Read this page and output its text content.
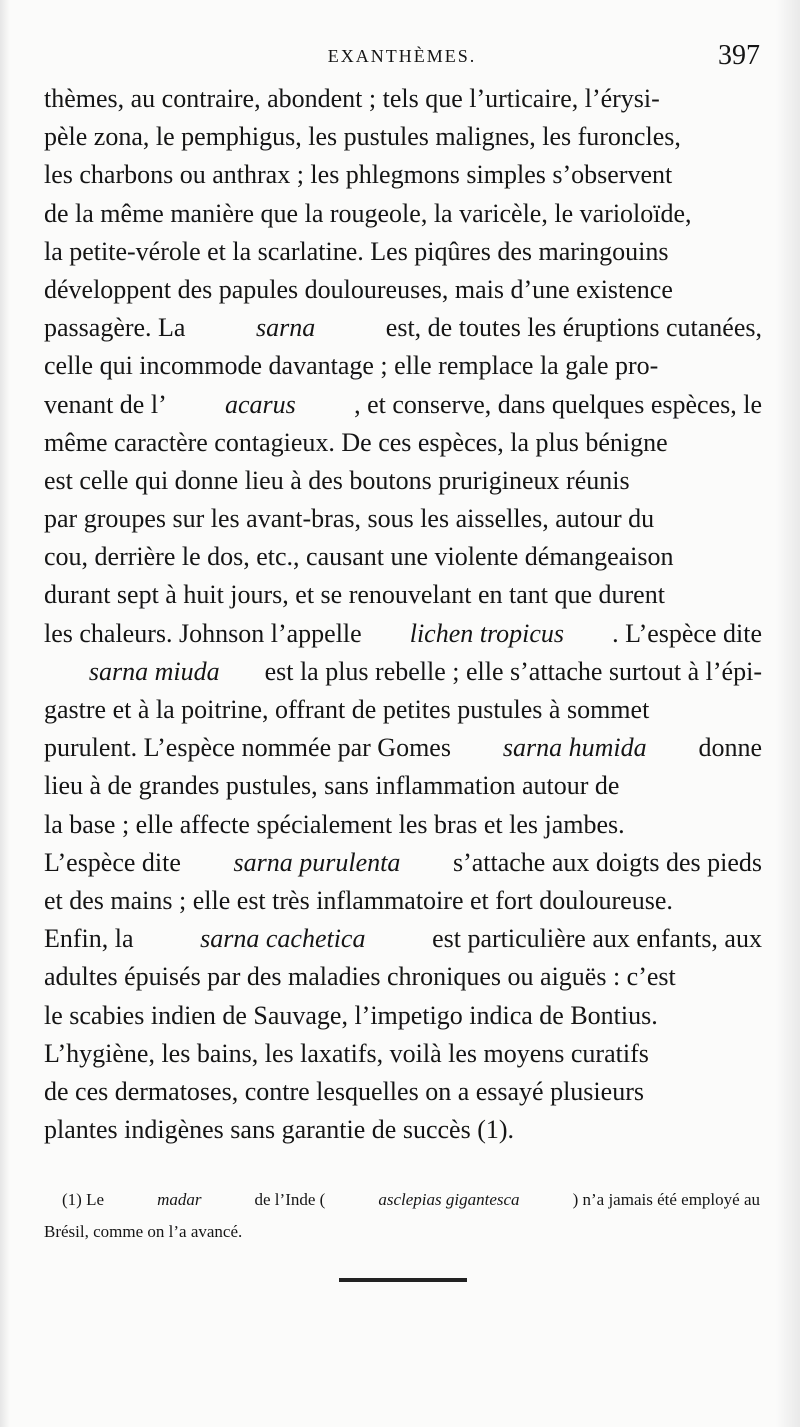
EXANTHÈMES.	397
thèmes, au contraire, abondent ; tels que l’urticaire, l’érysi-
pèle zona, le pemphigus, les pustules malignes, les furoncles,
les charbons ou anthrax ; les phlegmons simples s’observent
de la même manière que la rougeole, la varicèle, le varioloïde,
la petite-vérole et la scarlatine. Les piqûres des maringouins
développent des papules douloureuses, mais d’une existence
passagère. La	sarna	est, de toutes les éruptions cutanées,
celle qui incommode davantage ; elle remplace la gale pro-
venant de l’ acarus , et conserve, dans quelques espèces, le
même caractère contagieux. De ces espèces, la plus bénigne
est celle qui donne lieu à des boutons prurigineux réunis
par groupes sur les avant-bras, sous les aisselles, autour du
cou, derrière le dos, etc., causant une violente démangeaison
durant sept à huit jours, et se renouvelant en tant que durent
les chaleurs. Johnson l’appelle lichen tropicus . L’espèce dite
sarna miuda est la plus rebelle ; elle s’attache surtout à l’épi-
gastre et à la poitrine, offrant de petites pustules à sommet
purulent. L’espèce nommée par Gomes sarna humida donne
lieu à de grandes pustules, sans inflammation autour de
la base ; elle affecte spécialement les bras et les jambes.
L’espèce dite sarna purulenta s’attache aux doigts des pieds
et des mains ; elle est très inflammatoire et fort douloureuse.
Enfin, la	sarna cachetica	est particulière aux enfants, aux
adultes épuisés par des maladies chroniques ou aiguës : c’est
le scabies indien de Sauvage, l’impetigo indica de Bontius.
L’hygiène, les bains, les laxatifs, voilà les moyens curatifs
de ces dermatoses, contre lesquelles on a essayé plusieurs
plantes indigènes sans garantie de succès (1).
(1) Le	madar	de l’Inde (	asclepias gigantesca	) n’a jamais été employé au
Brésil, comme on l’a avancé.
